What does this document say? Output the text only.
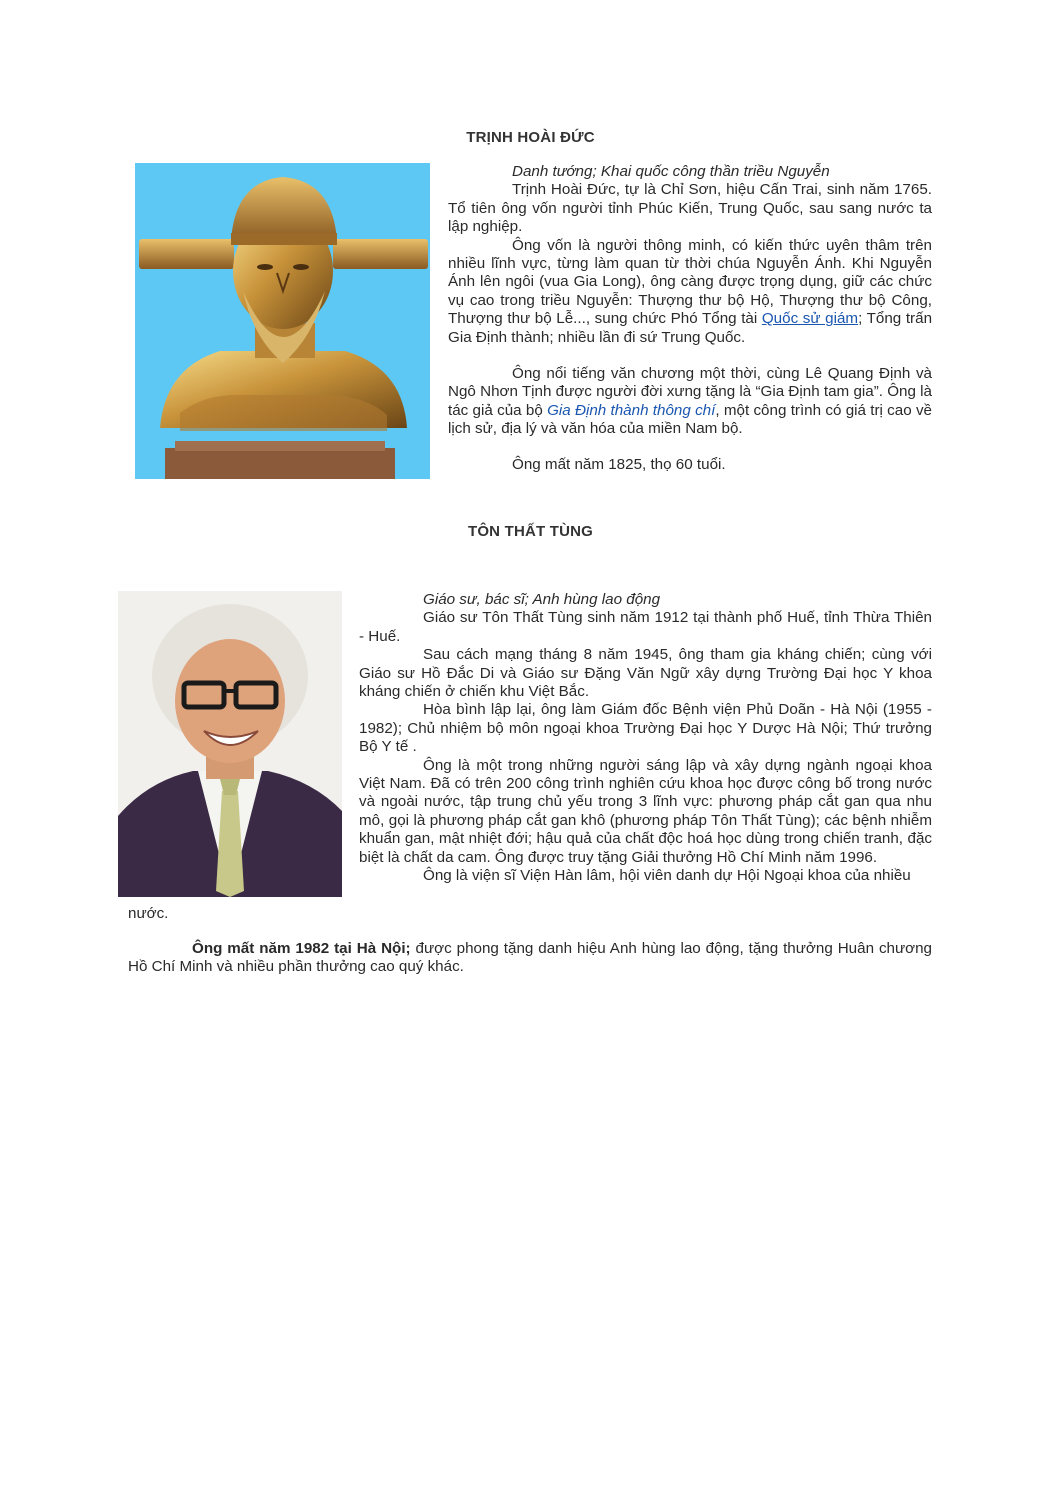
TRỊNH HOÀI ĐỨC

Danh tướng; Khai quốc công thần triều Nguyễn

Trịnh Hoài Đức, tự là Chỉ Sơn, hiệu Cấn Trai, sinh năm 1765. Tổ tiên ông vốn người tỉnh Phúc Kiến, Trung Quốc, sau sang nước ta lập nghiệp.

Ông vốn là người thông minh, có kiến thức uyên thâm trên nhiều lĩnh vực, từng làm quan từ thời chúa Nguyễn Ánh. Khi Nguyễn Ánh lên ngôi (vua Gia Long), ông càng được trọng dụng, giữ các chức vụ cao trong triều Nguyễn: Thượng thư bộ Hộ, Thượng thư bộ Công, Thượng thư bộ Lễ..., sung chức Phó Tổng tài Quốc sử giám; Tổng trấn Gia Định thành; nhiều lần đi sứ Trung Quốc.

Ông nổi tiếng văn chương một thời, cùng Lê Quang Định và Ngô Nhơn Tịnh được người đời xưng tặng là “Gia Định tam gia”. Ông là tác giả của bộ Gia Định thành thông chí, một công trình có giá trị cao về lịch sử, địa lý và văn hóa của miền Nam bộ.

Ông mất năm 1825, thọ 60 tuổi.

TÔN THẤT TÙNG

Giáo sư, bác sĩ; Anh hùng lao động

Giáo sư Tôn Thất Tùng sinh năm 1912 tại thành phố Huế, tỉnh Thừa Thiên - Huế.

Sau cách mạng tháng 8 năm 1945, ông tham gia kháng chiến; cùng với Giáo sư Hồ Đắc Di và Giáo sư Đặng Văn Ngữ xây dựng Trường Đại học Y khoa kháng chiến ở chiến khu Việt Bắc.

Hòa bình lập lại, ông làm Giám đốc Bệnh viện Phủ Doãn - Hà Nội (1955 - 1982); Chủ nhiệm bộ môn ngoại khoa Trường Đại học Y Dược Hà Nội; Thứ trưởng Bộ Y tế .

Ông là một trong những người sáng lập và xây dựng ngành ngoại khoa Việt Nam. Đã có trên 200 công trình nghiên cứu khoa học được công bố trong nước và ngoài nước, tập trung chủ yếu trong 3 lĩnh vực: phương pháp cắt gan qua nhu mô, gọi là phương pháp cắt gan khô (phương pháp Tôn Thất Tùng); các bệnh nhiễm khuẩn gan, mật nhiệt đới; hậu quả của chất độc hoá học dùng trong chiến tranh, đặc biệt là chất da cam. Ông được truy tặng Giải thưởng Hồ Chí Minh năm 1996.

Ông là viện sĩ Viện Hàn lâm, hội viên danh dự Hội Ngoại khoa của nhiều

nước.

Ông mất năm 1982 tại Hà Nội; được phong tặng danh hiệu Anh hùng lao động, tặng thưởng Huân chương Hồ Chí Minh và nhiều phần thưởng cao quý khác.
